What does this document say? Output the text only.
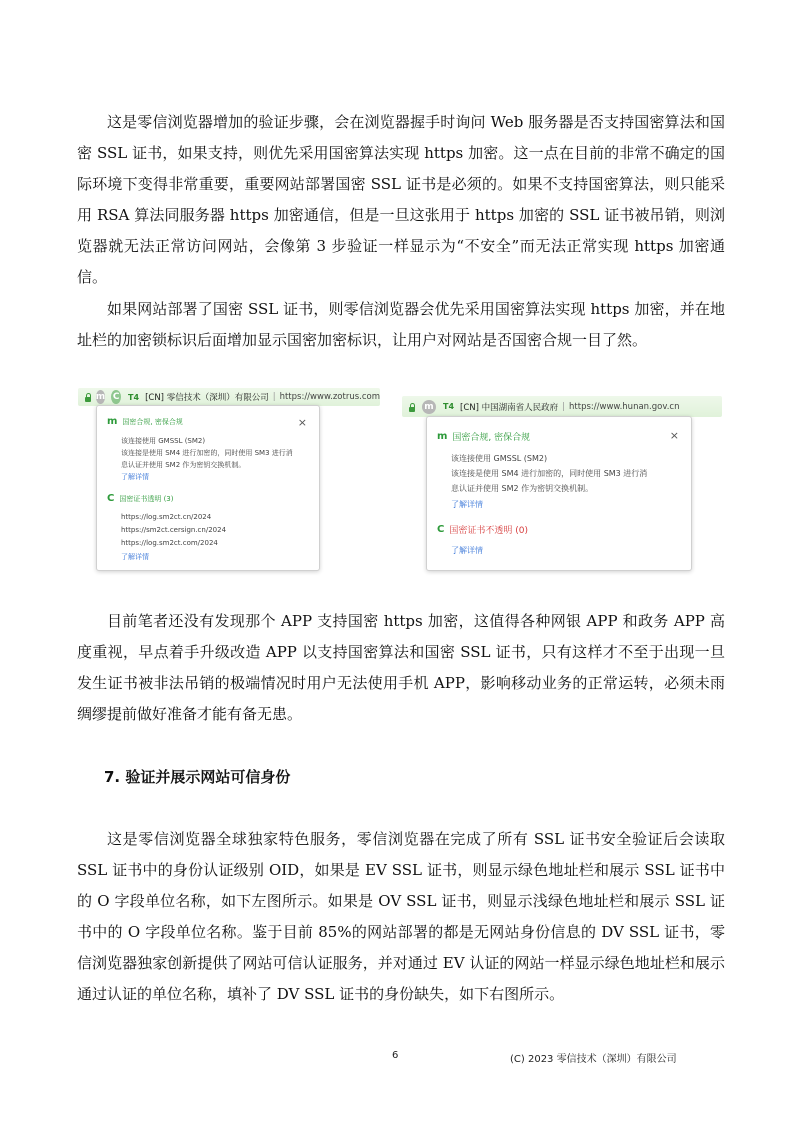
这是零信浏览器增加的验证步骤，会在浏览器握手时询问 Web 服务器是否支持国密算法和国密 SSL 证书，如果支持，则优先采用国密算法实现 https 加密。这一点在目前的非常不确定的国际环境下变得非常重要，重要网站部署国密 SSL 证书是必须的。如果不支持国密算法，则只能采用 RSA 算法同服务器 https 加密通信，但是一旦这张用于 https 加密的 SSL 证书被吊销，则浏览器就无法正常访问网站，会像第 3 步验证一样显示为“不安全”而无法正常实现 https 加密通信。

如果网站部署了国密 SSL 证书，则零信浏览器会优先采用国密算法实现 https 加密，并在地址栏的加密锁标识后面增加显示国密加密标识，让用户对网站是否国密合规一目了然。

m C T4 [CN] 零信技术（深圳）有限公司 | https://www.zotrus.com
m 国密合规, 密保合规	×
该连接使用 GMSSL (SM2)
该连接是使用 SM4 进行加密的，同时使用 SM3 进行消
息认证并使用 SM2 作为密钥交换机制。
了解详情
C 国密证书透明 (3)
https://log.sm2ct.cn/2024
https://sm2ct.cersign.cn/2024
https://log.sm2ct.com/2024
了解详情
m T4 [CN] 中国湖南省人民政府 | https://www.hunan.gov.cn
m 国密合规, 密保合规	×
该连接使用 GMSSL (SM2)
该连接是使用 SM4 进行加密的，同时使用 SM3 进行消
息认证并使用 SM2 作为密钥交换机制。
了解详情
C 国密证书不透明 (0)
了解详情

目前笔者还没有发现那个 APP 支持国密 https 加密，这值得各种网银 APP 和政务 APP 高度重视，早点着手升级改造 APP 以支持国密算法和国密 SSL 证书，只有这样才不至于出现一旦发生证书被非法吊销的极端情况时用户无法使用手机 APP，影响移动业务的正常运转，必须未雨绸缪提前做好准备才能有备无患。

7. 验证并展示网站可信身份

这是零信浏览器全球独家特色服务，零信浏览器在完成了所有 SSL 证书安全验证后会读取 SSL 证书中的身份认证级别 OID，如果是 EV SSL 证书，则显示绿色地址栏和展示 SSL 证书中的 O 字段单位名称，如下左图所示。如果是 OV SSL 证书，则显示浅绿色地址栏和展示 SSL 证书中的 O 字段单位名称。鉴于目前 85%的网站部署的都是无网站身份信息的 DV SSL 证书，零信浏览器独家创新提供了网站可信认证服务，并对通过 EV 认证的网站一样显示绿色地址栏和展示通过认证的单位名称，填补了 DV SSL 证书的身份缺失，如下右图所示。

6	(C) 2023 零信技术（深圳）有限公司
